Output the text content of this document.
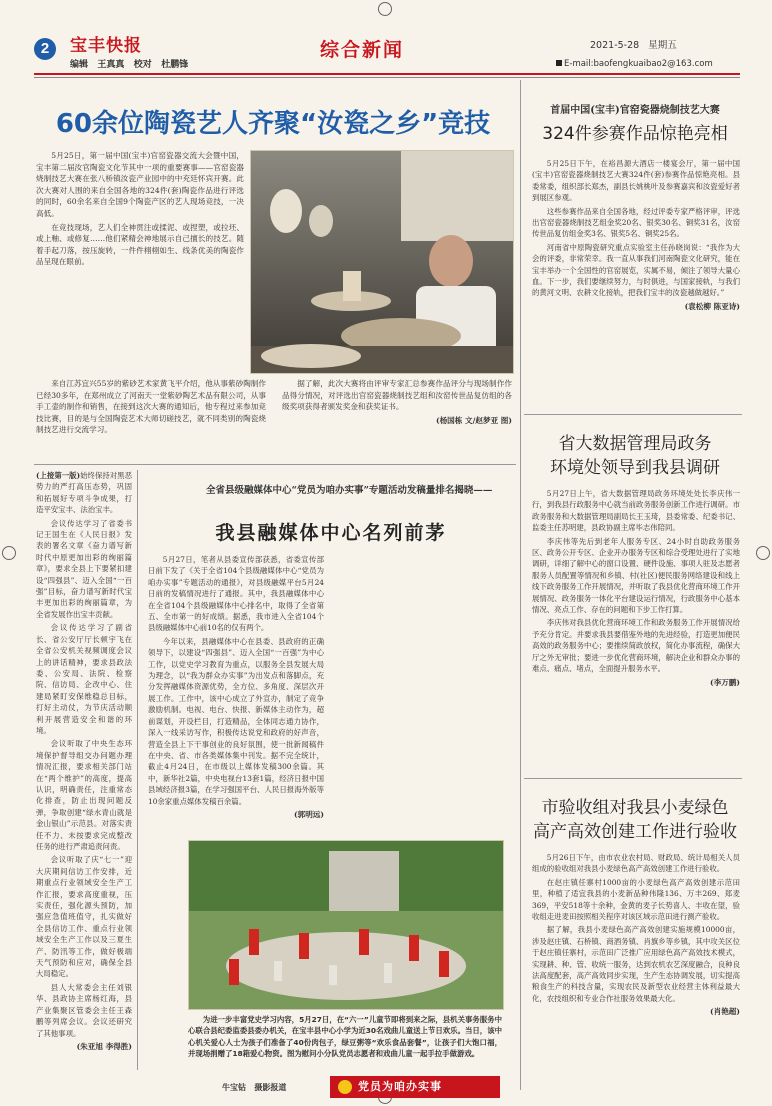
2	宝丰快报
编辑   王真真   校对   杜鹏锋
综合新闻	2021-5-28 星期五
E-mail:baofengkuaibao2@163.com
60余位陶瓷艺人齐聚“汝瓷之乡”竞技

5月25日，第一届中国(宝丰)官窑瓷器交流大会暨中国，宝丰第二届汝官陶瓷文化节其中一项的重要赛事——官窑瓷器烧制技艺大赛在张八桥镇汝瓷产业园中的中充廷怀宾开赛。此次大赛对人围的来自全国各地的324件(套)陶瓷作品进行评选的同时，60余名来自全国9个陶瓷产区的艺人现场竞技，一决高低。

在竞技现场，艺人们全神贯注或揉泥、或捏塑，或拉坯、或上釉、或修复……他们紧精会神地展示自己擅长的技艺。随着手起刀落，按压旋转，一件件栩栩如生、线条优美的陶瓷作品呈现在眼前。

来自江苏宜兴55岁的紫砂艺术家黄飞平介绍，他从事紫砂陶制作已经30多年，在郑州成立了河南天一堂紫砂陶艺术品有限公司，从事手工壶的制作和销售，在接到这次大赛的通知后，他专程过来参加竞技比赛，目的是与全国陶瓷艺术大师切磋技艺，就不同类别的陶瓷烧制技艺进行交流学习。

据了解，此次大赛将由评审专家汇总参赛作品评分与现场制作作品得分情况，对评选出官窑瓷器烧制技艺组和汝窑传世品复仿组的各级奖项获得者颁发奖金和获奖证书。

(杨国栋 文/赵梦亚 图)

(上接第一版)始终保持对黑恶势力的严打高压态势，巩固和拓展好专项斗争成果，打造平安宝丰、法治宝丰。

会议传达学习了省委书记王国生在《人民日报》发表的署名文章《奋力谱写新时代中原更加出彩的绚丽篇章》，要求全县上下要紧扣建设“四强县”、迈入全国“一百强”目标，奋力谱写新时代宝丰更加出彩的绚丽篇章，为全省发展作出宝丰贡献。

会议传达学习了副省长、省公安厅厅长顿宇飞在全省公安机关视频调度会议上的讲话精神，要求县政法委、公安局、法院、检察院、信访局、企改中心、住建局紧盯安保维稳总目标，打好主动仗，为节庆活动顺利开展营造安全和谐的环境。

会议听取了中央生态环境保护督导组交办问题办理情况汇报，要求相关部门站在“两个维护”的高度，提高认识，明确责任，注重常态化排查，防止出现问题反弹，争取创建“绿水青山就是金山银山”示范县。对落实责任不力、未按要求完成整改任务的进行严肃追责问责。

会议听取了庆“七一”迎大庆期间信访工作安排，近期重点行业领域安全生产工作汇报，要求高度重视，压实责任，强化源头预防，加强应急值班值守，扎实做好全县信访工作、重点行业领域安全生产工作以及三夏生产、防汛等工作，做好极端天气预防和应对，确保全县大局稳定。

县人大常委会主任刘银华、县政协主席杨红海，县产业集聚区管委会主任王森鹏等列席会议。会议还研究了其他事项。

(朱亚旭 李得胜)

全省县级融媒体中心“党员为咱办实事”专题活动发稿量排名揭晓——
我县融媒体中心名列前茅

5月27日，笔者从县委宣传部获悉，省委宣传部日前下发了《关于全省104个县级融媒体中心“党员为咱办实事”专题活动的通报》，对县级融媒平台5月24日前的发稿情况进行了通报。其中，我县融媒体中心在全省104个县级融媒体中心排名中，取得了全省第五、全市第一的好成绩。据悉，我市进入全省104个县级融媒体中心前10名的仅有两个。

今年以来，县融媒体中心在县委、县政府的正确领导下，以建设“四强县”、迈入全国“一百强”为中心工作，以党史学习教育为重点，以服务全县发展大局为理念，以“我为群众办实事”为出发点和落脚点，充分发挥融媒体资源优势，全方位、多角度、深层次开展工作。工作中，该中心成立了外宣办，制定了竞争激励机制。电视、电台、快报、新媒体主动作为，超前谋划，开设栏目，打造精品，全体同志通力协作，深入一线采访写作，积极传达说党和政府的好声音，营造全县上下干事创业的良好氛围，使一批新闻稿件在中央、省、市各类媒体集中刊发。据不完全统计，截止4月24日，在市级以上媒体发稿300余篇。其中，新华社2篇，中央电视台13套1篇，经济日报中国县域经济报3篇，在学习强国平台、人民日报海外版等10余家重点媒体发稿百余篇。

(郭明远)

为进一步丰富党史学习内容，5月27日，在“六一”儿童节即将到来之际，县机关事务服务中心联合县纪委监委县委办机关，在宝丰县中心小学为近30名戏曲儿童送上节日欢乐。当日，该中心机关爱心人士为孩子们准备了40份肉包子，绿豆粥等“欢乐食品套餐”，让孩子们大饱口福，并现场捐赠了18箱爱心物资。图为慰问小分队党员志愿者和戏曲儿童一起手拉手做游戏。

牛宝钻   摄影报道	党员为咱办实事
首届中国(宝丰)官窑瓷器烧制技艺大赛
324件参赛作品惊艳亮相

5月25日下午，在裕昌源大酒店一楼宴会厅，第一届中国(宝丰)官窑瓷器烧制技艺大赛324件(套)参赛作品惊艳亮相。县委常委，组织部长郑杰，副县长姚桃叶及参赛嘉宾和汝瓷爱好者到展区参观。

这些参赛作品来自全国各地，经过评委专家严格评审，评选出官窑瓷器烧制技艺组金奖20名、银奖30名、铜奖31名，汝窑传世品复仿组金奖3名、银奖5名、铜奖25名。

河南省中原陶瓷研究重点实验室主任孙晓岗说：“我作为大会的评委，非常荣幸。我一直从事我们河南陶瓷文化研究，能在宝丰举办一个全国性的官窑展览，实属不易，倾注了领导大量心血。下一步，我们要继续努力，与时俱进，与国家接轨，与我们的黄河文明、农耕文化接轨，把我们宝丰的汝瓷越做越好。”

(袁松柳 陈亚诗)

省大数据管理局政务
环境处领导到我县调研

5月27日上午，省大数据管理局政务环境处处长李庆伟一行，到我县行政服务中心就当前政务服务创新工作进行调研。市政务服务和大数据管理局副局长王玉琦，县委常委、纪委书记、监委主任苏明建，县政协副主席毕志伟陪同。

李庆伟等先后到老年人服务专区、24小时自助政务服务区、政务公开专区、企业开办服务专区和综合受理处进行了实地调研，详细了解中心的窗口设置、硬件设施、事项人驻及志愿者服务人员配置等情况和乡镇、村(社区)便民服务网络建设和线上线下政务服务工作开展情况，并听取了我县优化营商环境工作开展情况、政务服务一体化平台建设运行情况，行政服务中心基本情况、亮点工作、存在的问题和下步工作打算。

李庆伟对我县优化营商环境工作和政务服务工作开展情况给予充分肯定。并要求我县要借鉴外地的先进经验，打造更加便民高效的政务服务中心；要推续简政放权，简化办事流程，确保大厅之外无审批；要进一步优化营商环境，解决企业和群众办事的难点、痛点、堵点，全面提升服务水平。

(李万鹏)

市验收组对我县小麦绿色
高产高效创建工作进行验收

5月26日下午，由市农业农村局、财政局、统计局相关人员组成的验收组对我县小麦绿色高产高效创建工作进行验收。

在赵庄镇任寨村1000亩的小麦绿色高产高效创建示范田里，种植了适宜我县的小麦新品种伟隆136、万丰269、郑麦369，平安518等十余种，金黄的麦子长势喜人、丰收在望，验收组走进麦田按照相关程序对该区域示范田进行测产验收。

据了解，我县小麦绿色高产高效创建实施规模10000亩，涉及赵庄镇、石桥镇、商酒务镇、肖旗乡等乡镇，其中攻关区位于赵庄镇任寨村，示范田广泛推广应用绿色高产高效技术模式，实现耕、种、管、收统一服务，达到农机农艺深度融合，良种良法高度配套，高产高效同步实现，生产生态协调发展，切实提高粮食生产的科技含量，实现农民及新型农业经营主体利益最大化，农技组织和专业合作社服务效果最大化。

(肖艳超)
